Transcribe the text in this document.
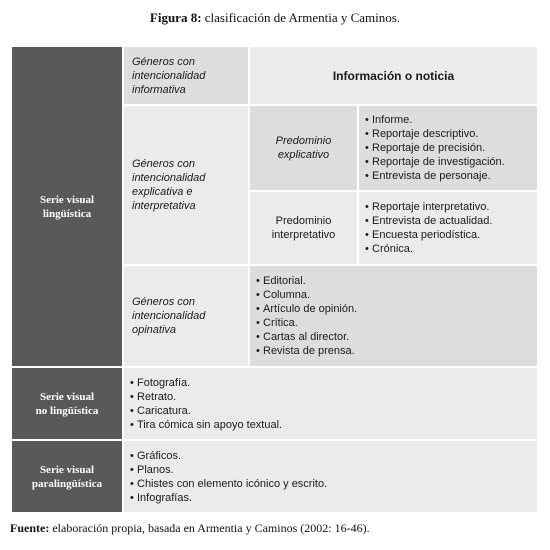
Figura 8: clasificación de Armentia y Caminos.
Serie visual
lingüística
Géneros con intencionalidad informativa
Información o noticia
Géneros con intencionalidad explicativa e interpretativa
Predominio explicativo
• Informe.
• Reportaje descriptivo.
• Reportaje de precisión.
• Reportaje de investigación.
• Entrevista de personaje.
Predominio interpretativo
• Reportaje interpretativo.
• Entrevista de actualidad.
• Encuesta periodística.
• Crónica.
Géneros con intencionalidad opinativa
• Editorial.
• Columna.
• Artículo de opinión.
• Crítica.
• Cartas al director.
• Revista de prensa.
Serie visual
no lingüística
• Fotografía.
• Retrato.
• Caricatura.
• Tira cómica sin apoyo textual.
Serie visual
paralingüística
• Gráficos.
• Planos.
• Chistes con elemento icónico y escrito.
• Infografías.
Fuente: elaboración propia, basada en Armentia y Caminos (2002: 16-46).
